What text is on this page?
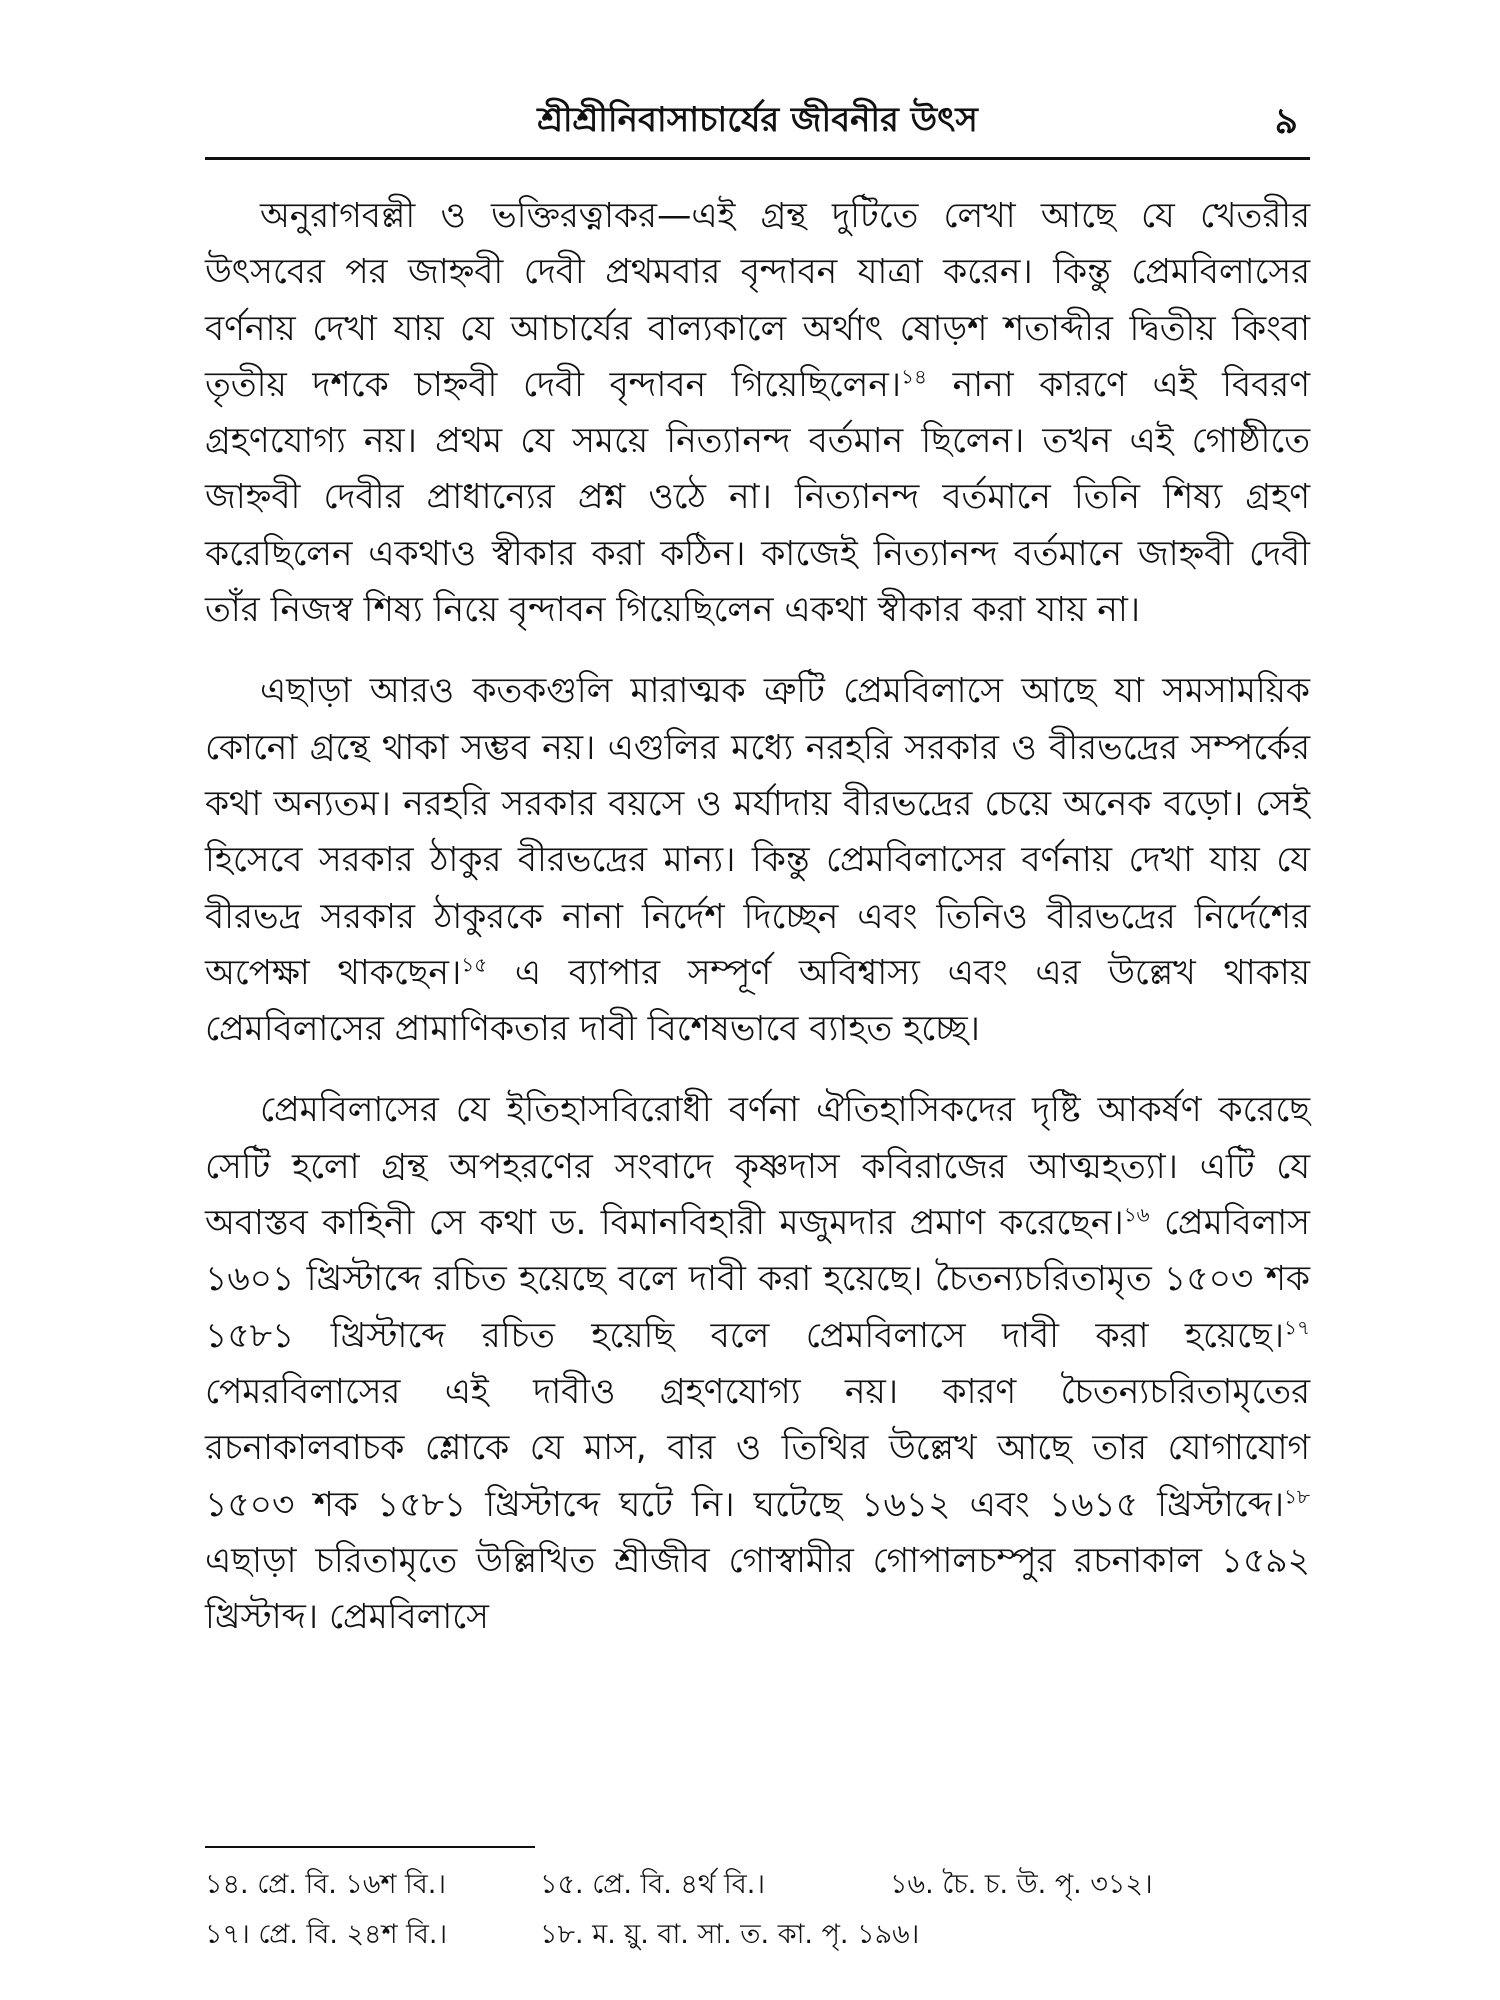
শ্রীশ্রীনিবাসাচার্যের জীবনীর উৎস	৯

অনুরাগবল্লী ও ভক্তিরত্নাকর—এই গ্রন্থ দুটিতে লেখা আছে যে খেতরীর উৎসবের পর জাহ্নবী দেবী প্রথমবার বৃন্দাবন যাত্রা করেন। কিন্তু প্রেমবিলাসের বর্ণনায় দেখা যায় যে আচার্যের বাল্যকালে অর্থাৎ ষোড়শ শতাব্দীর দ্বিতীয় কিংবা তৃতীয় দশকে চাহ্নবী দেবী বৃন্দাবন গিয়েছিলেন।$^{১৪}$ নানা কারণে এই বিবরণ গ্রহণযোগ্য নয়। প্রথম যে সময়ে নিত্যানন্দ বর্তমান ছিলেন। তখন এই গোষ্ঠীতে জাহ্নবী দেবীর প্রাধান্যের প্রশ্ন ওঠে না। নিত্যানন্দ বর্তমানে তিনি শিষ্য গ্রহণ করেছিলেন একথাও স্বীকার করা কঠিন। কাজেই নিত্যানন্দ বর্তমানে জাহ্নবী দেবী তাঁর নিজস্ব শিষ্য নিয়ে বৃন্দাবন গিয়েছিলেন একথা স্বীকার করা যায় না।

এছাড়া আরও কতকগুলি মারাত্মক ত্রুটি প্রেমবিলাসে আছে যা সমসাময়িক কোনো গ্রন্থে থাকা সম্ভব নয়। এগুলির মধ্যে নরহরি সরকার ও বীরভদ্রের সম্পর্কের কথা অন্যতম। নরহরি সরকার বয়সে ও মর্যাদায় বীরভদ্রের চেয়ে অনেক বড়ো। সেই হিসেবে সরকার ঠাকুর বীরভদ্রের মান্য। কিন্তু প্রেমবিলাসের বর্ণনায় দেখা যায় যে বীরভদ্র সরকার ঠাকুরকে নানা নির্দেশ দিচ্ছেন এবং তিনিও বীরভদ্রের নির্দেশের অপেক্ষা থাকছেন।$^{১৫}$ এ ব্যাপার সম্পূর্ণ অবিশ্বাস্য এবং এর উল্লেখ থাকায় প্রেমবিলাসের প্রামাণিকতার দাবী বিশেষভাবে ব্যাহত হচ্ছে।

প্রেমবিলাসের যে ইতিহাসবিরোধী বর্ণনা ঐতিহাসিকদের দৃষ্টি আকর্ষণ করেছে সেটি হলো গ্রন্থ অপহরণের সংবাদে কৃষ্ণদাস কবিরাজের আত্মহত্যা। এটি যে অবাস্তব কাহিনী সে কথা ড. বিমানবিহারী মজুমদার প্রমাণ করেছেন।$^{১৬}$ প্রেমবিলাস ১৬০১ খ্রিস্টাব্দে রচিত হয়েছে বলে দাবী করা হয়েছে। চৈতন্যচরিতামৃত ১৫০৩ শক ১৫৮১ খ্রিস্টাব্দে রচিত হয়েছি বলে প্রেমবিলাসে দাবী করা হয়েছে।$^{১৭}$ পেমরবিলাসের এই দাবীও গ্রহণযোগ্য নয়। কারণ চৈতন্যচরিতামৃতের রচনাকালবাচক শ্লোকে যে মাস, বার ও তিথির উল্লেখ আছে তার যোগাযোগ ১৫০৩ শক ১৫৮১ খ্রিস্টাব্দে ঘটে নি। ঘটেছে ১৬১২ এবং ১৬১৫ খ্রিস্টাব্দে।$^{১৮}$ এছাড়া চরিতামৃতে উল্লিখিত শ্রীজীব গোস্বামীর গোপালচম্পুর রচনাকাল ১৫৯২ খ্রিস্টাব্দ। প্রেমবিলাসে

১৪. প্রে. বি. ১৬শ বি.।	১৫. প্রে. বি. ৪র্থ বি.।	১৬. চৈ. চ. উ. পৃ. ৩১২।
১৭। প্রে. বি. ২৪শ বি.।	১৮. ম. য়ু. বা. সা. ত. কা. পৃ. ১৯৬।
